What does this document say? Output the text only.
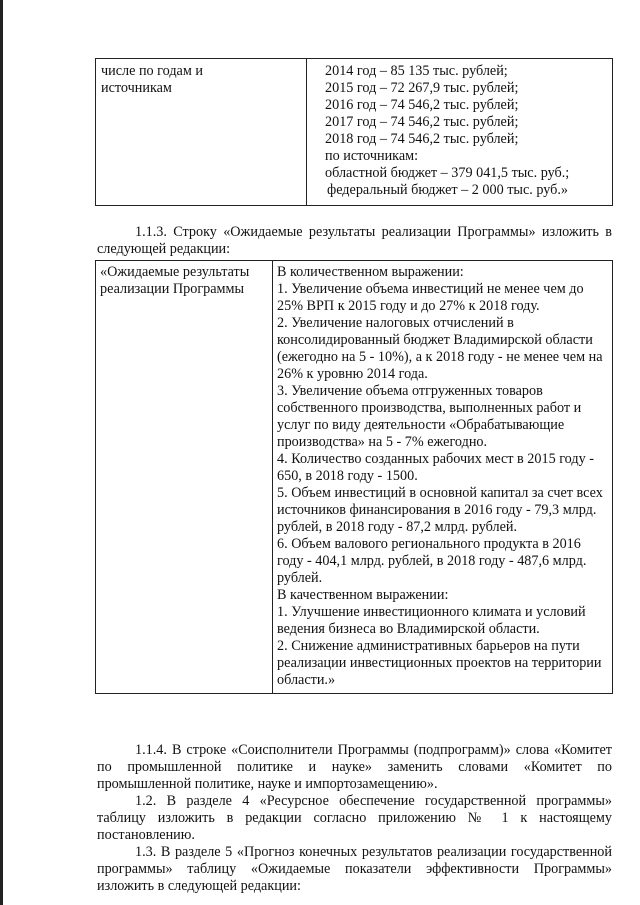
числе по годам и
источникам

2014 год – 85 135 тыс. рублей;
2015 год – 72 267,9 тыс. рублей;
2016 год – 74 546,2 тыс. рублей;
2017 год – 74 546,2 тыс. рублей;
2018 год – 74 546,2 тыс. рублей;
по источникам:
областной бюджет – 379 041,5 тыс. руб.;
федеральный бюджет – 2 000 тыс. руб.»
1.1.3. Строку «Ожидаемые результаты реализации Программы» изложить в следующей редакции:
«Ожидаемые результаты
реализации Программы

В количественном выражении:
1. Увеличение объема инвестиций не менее чем до 25% ВРП к 2015 году и до 27% к 2018 году.
2. Увеличение налоговых отчислений в консолидированный бюджет Владимирской области (ежегодно на 5 - 10%), а к 2018 году - не менее чем на 26% к уровню 2014 года.
3. Увеличение объема отгруженных товаров собственного производства, выполненных работ и услуг по виду деятельности «Обрабатывающие производства» на 5 - 7% ежегодно.
4. Количество созданных рабочих мест в 2015 году - 650, в 2018 году - 1500.
5. Объем инвестиций в основной капитал за счет всех источников финансирования в 2016 году - 79,3 млрд. рублей, в 2018 году - 87,2 млрд. рублей.
6. Объем валового регионального продукта в 2016 году - 404,1 млрд. рублей, в 2018 году - 487,6 млрд. рублей.
В качественном выражении:
1. Улучшение инвестиционного климата и условий ведения бизнеса во Владимирской области.
2. Снижение административных барьеров на пути реализации инвестиционных проектов на территории области.»
1.1.4. В строке «Соисполнители Программы (подпрограмм)» слова «Комитет по промышленной политике и науке» заменить словами «Комитет по промышленной политике, науке и импортозамещению».
1.2. В разделе 4 «Ресурсное обеспечение государственной программы» таблицу изложить в редакции согласно приложению № 1 к настоящему постановлению.
1.3. В разделе 5 «Прогноз конечных результатов реализации государственной программы» таблицу «Ожидаемые показатели эффективности Программы» изложить в следующей редакции:
